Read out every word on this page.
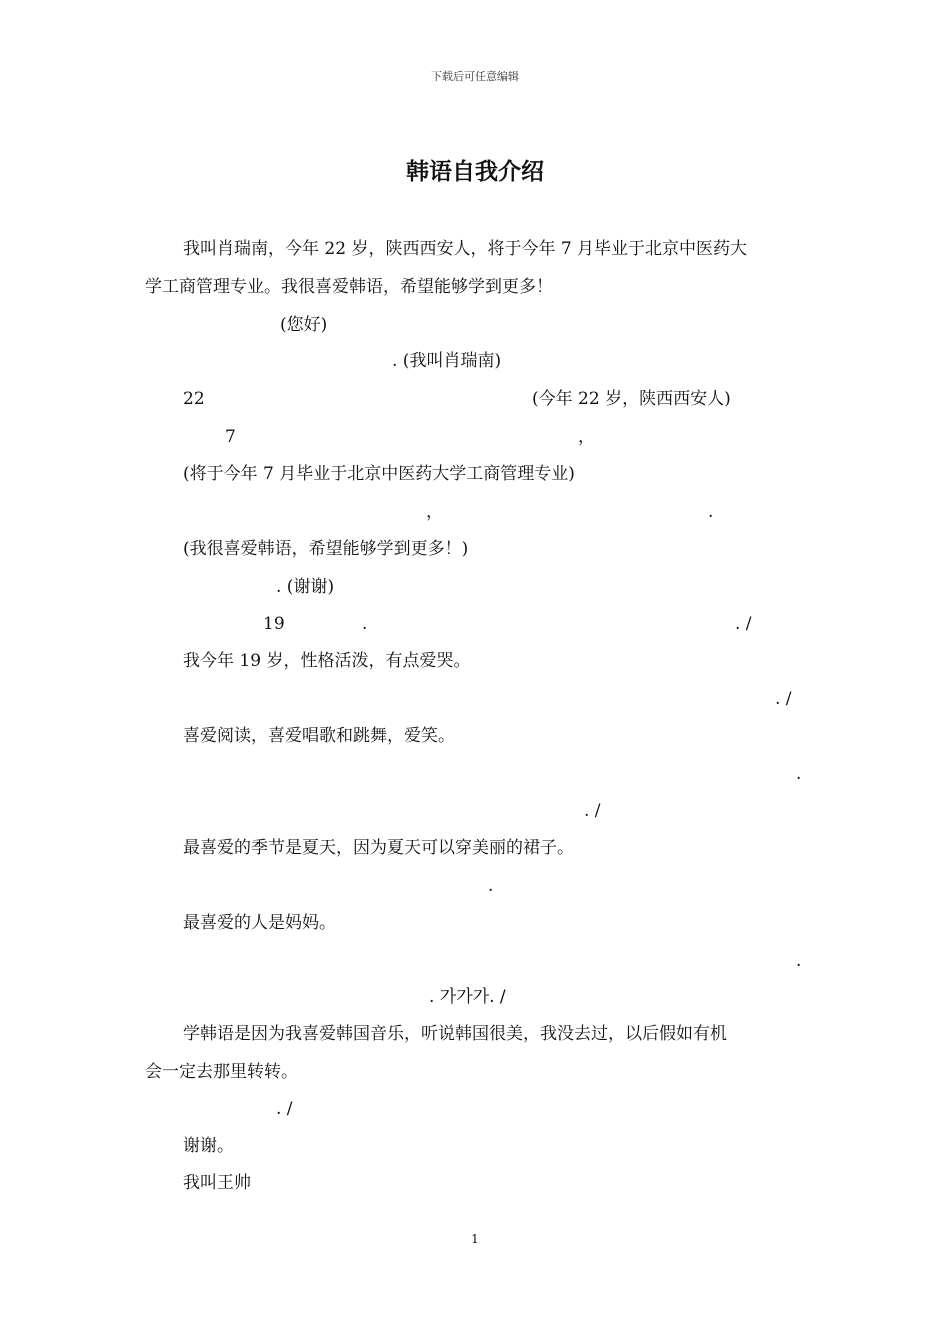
下载后可任意编辑
韩语自我介绍
我叫肖瑞南，今年 22 岁，陕西西安人，将于今年 7 月毕业于北京中医药大
学工商管理专业。我很喜爱韩语，希望能够学到更多！
(您好)
. (我叫肖瑞南)
22	(今年 22 岁，陕西西安人)
7	，
(将于今年 7 月毕业于北京中医药大学工商管理专业)
，	.
(我很喜爱韩语，希望能够学到更多！)
. (谢谢)
19	.	. /
我今年 19 岁，性格活泼，有点爱哭。
. /
喜爱阅读，喜爱唱歌和跳舞，爱笑。
.
. /
最喜爱的季节是夏天，因为夏天可以穿美丽的裙子。
.
最喜爱的人是妈妈。
.
. 가가가. /
学韩语是因为我喜爱韩国音乐，听说韩国很美，我没去过，以后假如有机
会一定去那里转转。
. /
谢谢。
我叫王帅
1
